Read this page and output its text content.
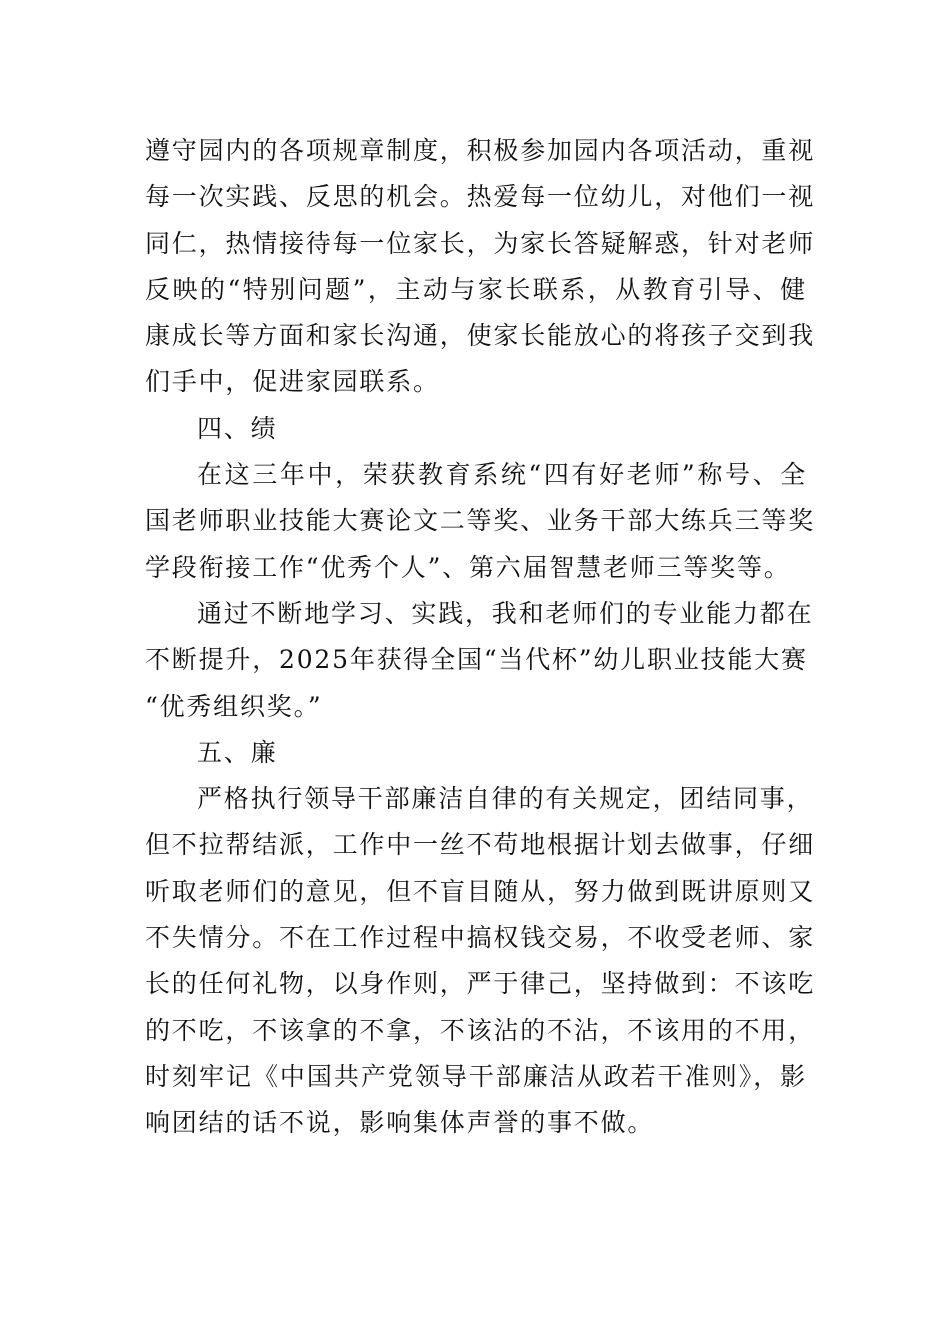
遵守园内的各项规章制度，积极参加园内各项活动，重视
每一次实践、反思的机会。热爱每一位幼儿，对他们一视
同仁，热情接待每一位家长，为家长答疑解惑，针对老师
反映的“特别问题”，主动与家长联系，从教育引导、健
康成长等方面和家长沟通，使家长能放心的将孩子交到我
们手中，促进家园联系。
四、绩
在这三年中，荣获教育系统“四有好老师”称号、全
国老师职业技能大赛论文二等奖、业务干部大练兵三等奖
学段衔接工作“优秀个人”、第六届智慧老师三等奖等。
通过不断地学习、实践，我和老师们的专业能力都在
不断提升，2025年获得全国“当代杯”幼儿职业技能大赛
“优秀组织奖。”
五、廉
严格执行领导干部廉洁自律的有关规定，团结同事，
但不拉帮结派，工作中一丝不苟地根据计划去做事，仔细
听取老师们的意见，但不盲目随从，努力做到既讲原则又
不失情分。不在工作过程中搞权钱交易，不收受老师、家
长的任何礼物，以身作则，严于律己，坚持做到：不该吃
的不吃，不该拿的不拿，不该沾的不沾，不该用的不用，
时刻牢记《中国共产党领导干部廉洁从政若干准则》，影
响团结的话不说，影响集体声誉的事不做。
